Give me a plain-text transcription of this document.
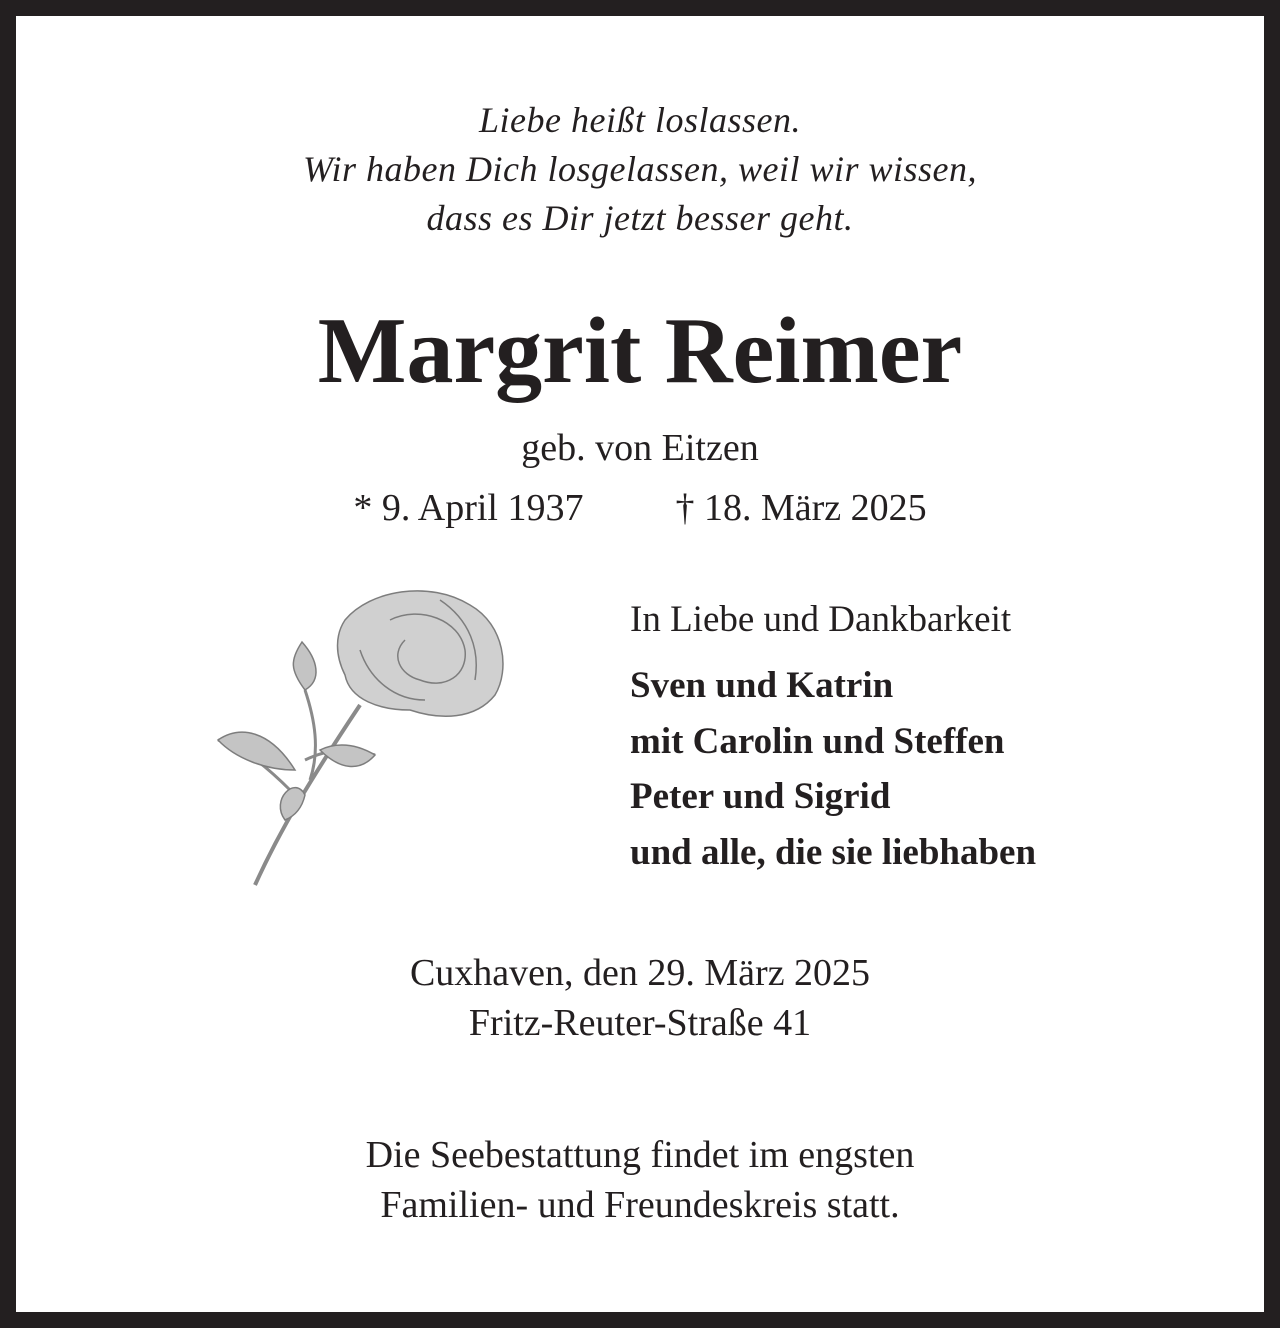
Liebe heißt loslassen.
Wir haben Dich losgelassen, weil wir wissen,
dass es Dir jetzt besser geht.
Margrit Reimer
geb. von Eitzen
* 9. April 1937 † 18. März 2025
In Liebe und Dankbarkeit
Sven und Katrin
mit Carolin und Steffen
Peter und Sigrid
und alle, die sie liebhaben
Cuxhaven, den 29. März 2025
Fritz-Reuter-Straße 41
Die Seebestattung findet im engsten
Familien- und Freundeskreis statt.
